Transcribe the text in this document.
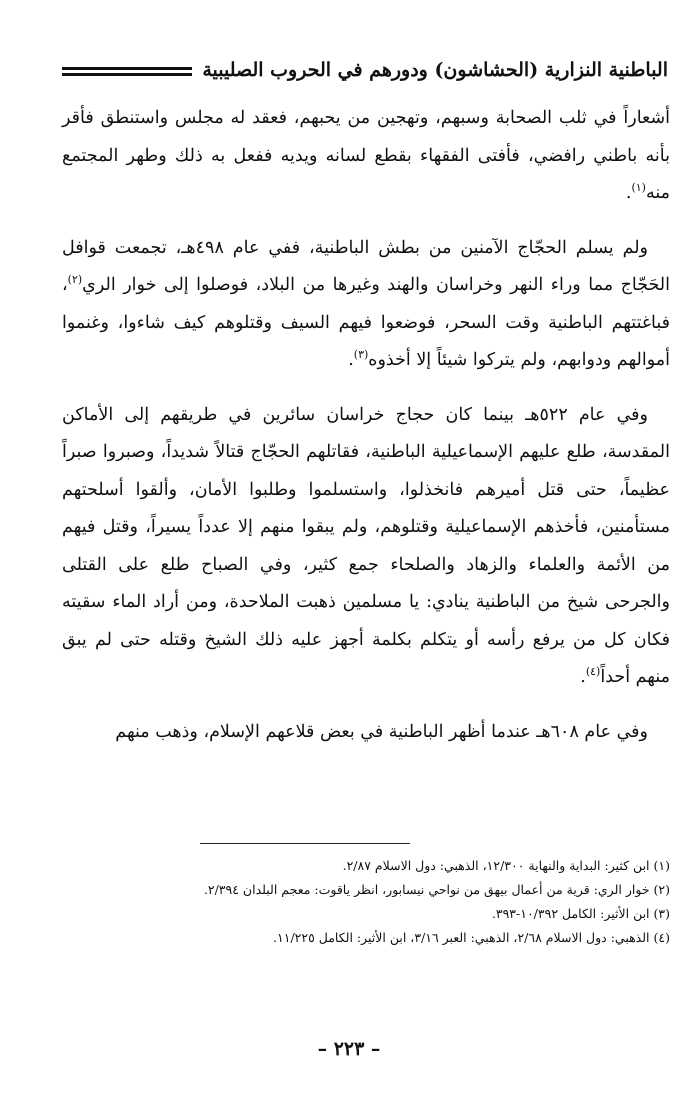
الباطنية النزارية (الحشاشون) ودورهم في الحروب الصليبية

أشعاراً في ثلب الصحابة وسبهم، وتهجين من يحبهم، فعقد له مجلس واستنطق فأقر بأنه باطني رافضي، فأفتى الفقهاء بقطع لسانه ويديه ففعل به ذلك وطهر المجتمع منه$^{(١)}$.

ولم يسلم الحجّاج الآمنين من بطش الباطنية، ففي عام ٤٩٨هـ، تجمعت قوافل الحَجّاج مما وراء النهر وخراسان والهند وغيرها من البلاد، فوصلوا إلى خوار الري$^{(٢)}$، فباغتتهم الباطنية وقت السحر، فوضعوا فيهم السيف وقتلوهم كيف شاءوا، وغنموا أموالهم ودوابهم، ولم يتركوا شيئاً إلا أخذوه$^{(٣)}$.

وفي عام ٥٢٢هـ بينما كان حجاج خراسان سائرين في طريقهم إلى الأماكن المقدسة، طلع عليهم الإسماعيلية الباطنية، فقاتلهم الحجّاج قتالاً شديداً، وصبروا صبراً عظيماً، حتى قتل أميرهم فانخذلوا، واستسلموا وطلبوا الأمان، وألقوا أسلحتهم مستأمنين، فأخذهم الإسماعيلية وقتلوهم، ولم يبقوا منهم إلا عدداً يسيراً، وقتل فيهم من الأئمة والعلماء والزهاد والصلحاء جمع كثير، وفي الصباح طلع على القتلى والجرحى شيخ من الباطنية ينادي: يا مسلمين ذهبت الملاحدة، ومن أراد الماء سقيته فكان كل من يرفع رأسه أو يتكلم بكلمة أجهز عليه ذلك الشيخ وقتله حتى لم يبق منهم أحداً$^{(٤)}$.

وفي عام ٦٠٨هـ عندما أظهر الباطنية في بعض قلاعهم الإسلام، وذهب منهم

(١) ابن كثير: البداية والنهاية ١٢/٣٠٠، الذهبي: دول الاسلام ٢/٨٧.

(٢) خوار الري: قرية من أعمال بيهق من نواحي نيسابور، انظر ياقوت: معجم البلدان ٢/٣٩٤.

(٣) ابن الأثير: الكامل ١٠/٣٩٢-٣٩٣.

(٤) الذهبي: دول الاسلام ٢/٦٨، الذهبي: العبر ٣/١٦، ابن الأثير: الكامل ١١/٢٢٥.

– ٢٢٣ –
